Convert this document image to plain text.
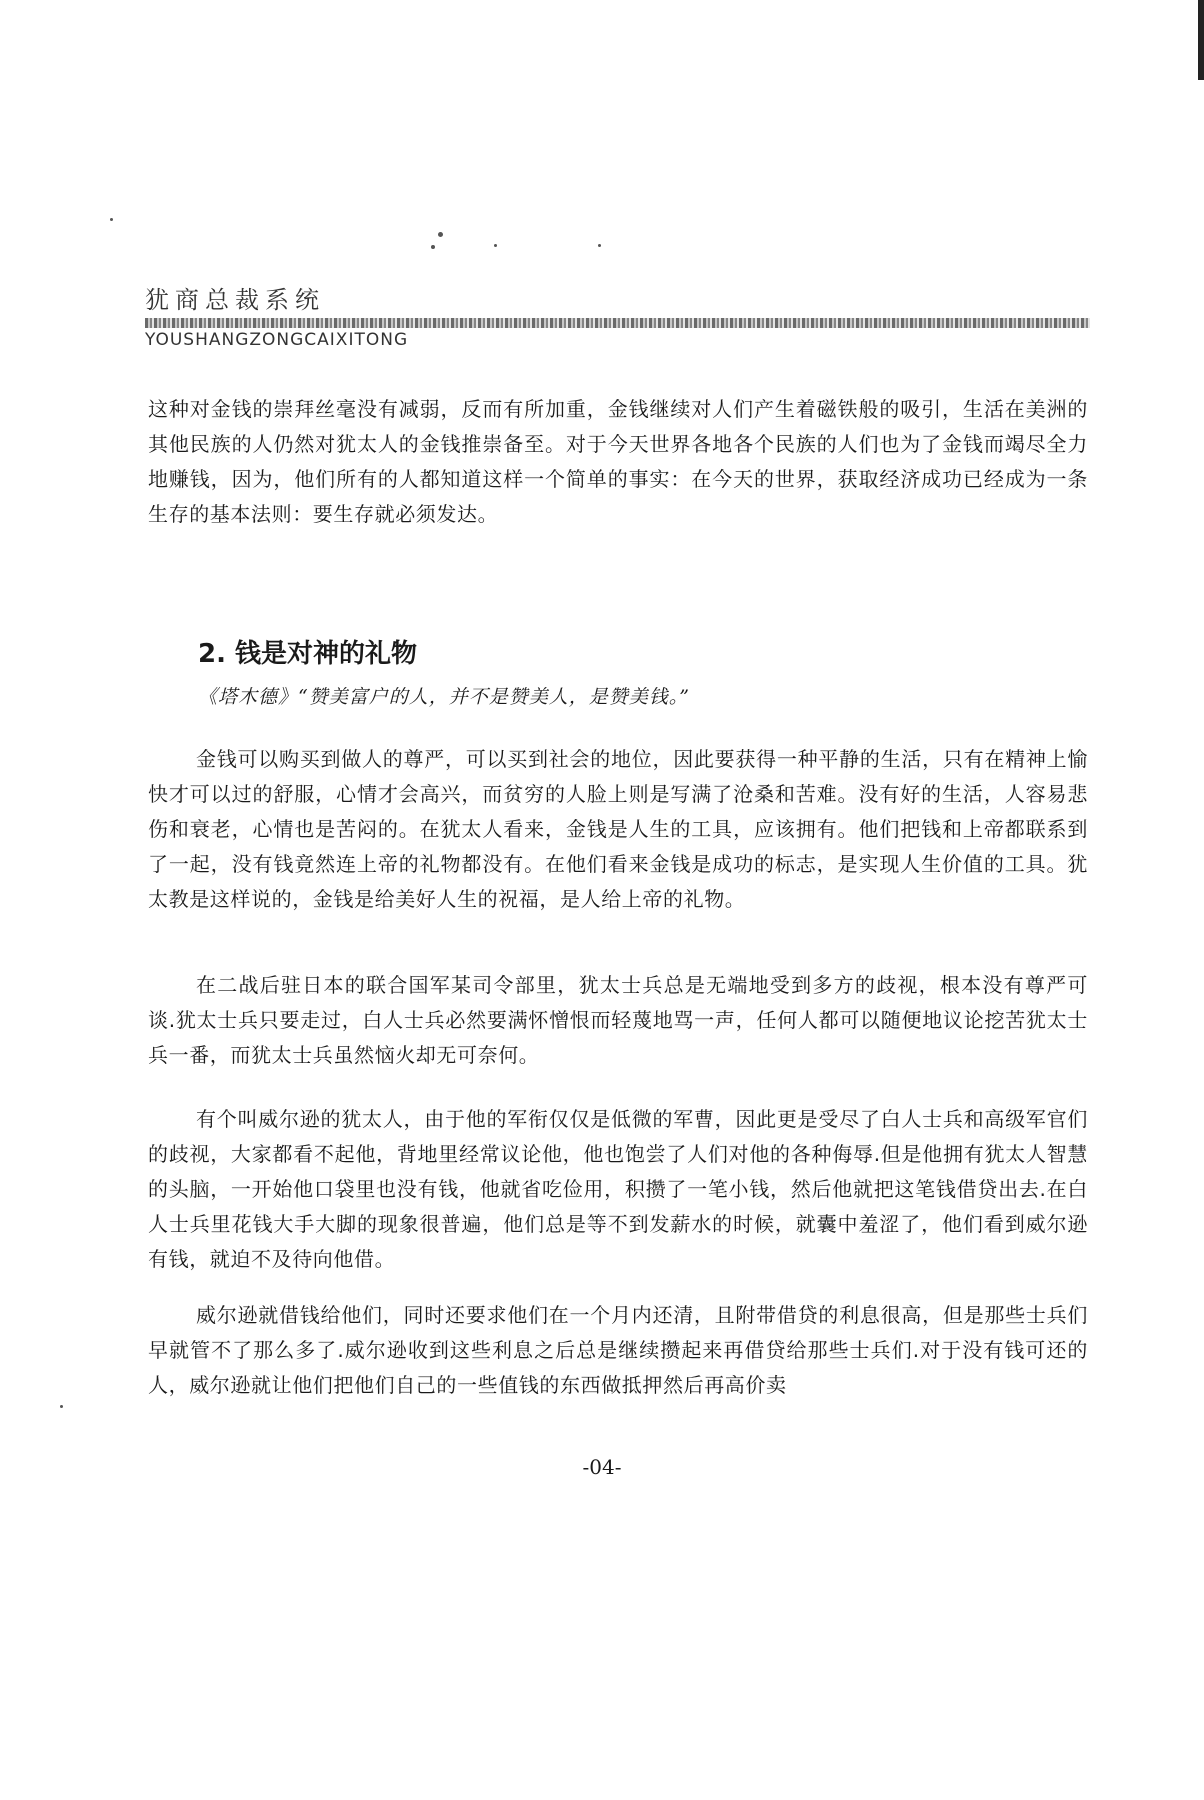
犹商总裁系统
YOUSHANGZONGCAIXITONG

这种对金钱的崇拜丝毫没有减弱，反而有所加重，金钱继续对人们产生着磁铁般的吸引，生活在美洲的其他民族的人仍然对犹太人的金钱推崇备至。对于今天世界各地各个民族的人们也为了金钱而竭尽全力地赚钱，因为，他们所有的人都知道这样一个简单的事实：在今天的世界，获取经济成功已经成为一条生存的基本法则：要生存就必须发达。

2. 钱是对神的礼物

《塔木德》“赞美富户的人，并不是赞美人，是赞美钱。”

金钱可以购买到做人的尊严，可以买到社会的地位，因此要获得一种平静的生活，只有在精神上愉快才可以过的舒服，心情才会高兴，而贫穷的人脸上则是写满了沧桑和苦难。没有好的生活，人容易悲伤和衰老，心情也是苦闷的。在犹太人看来，金钱是人生的工具，应该拥有。他们把钱和上帝都联系到了一起，没有钱竟然连上帝的礼物都没有。在他们看来金钱是成功的标志，是实现人生价值的工具。犹太教是这样说的，金钱是给美好人生的祝福，是人给上帝的礼物。

在二战后驻日本的联合国军某司令部里，犹太士兵总是无端地受到多方的歧视，根本没有尊严可谈.犹太士兵只要走过，白人士兵必然要满怀憎恨而轻蔑地骂一声，任何人都可以随便地议论挖苦犹太士兵一番，而犹太士兵虽然恼火却无可奈何。

有个叫威尔逊的犹太人，由于他的军衔仅仅是低微的军曹，因此更是受尽了白人士兵和高级军官们的歧视，大家都看不起他，背地里经常议论他，他也饱尝了人们对他的各种侮辱.但是他拥有犹太人智慧的头脑，一开始他口袋里也没有钱，他就省吃俭用，积攒了一笔小钱，然后他就把这笔钱借贷出去.在白人士兵里花钱大手大脚的现象很普遍，他们总是等不到发薪水的时候，就囊中羞涩了，他们看到威尔逊有钱，就迫不及待向他借。

威尔逊就借钱给他们，同时还要求他们在一个月内还清，且附带借贷的利息很高，但是那些士兵们早就管不了那么多了.威尔逊收到这些利息之后总是继续攒起来再借贷给那些士兵们.对于没有钱可还的人，威尔逊就让他们把他们自己的一些值钱的东西做抵押然后再高价卖

-04-
